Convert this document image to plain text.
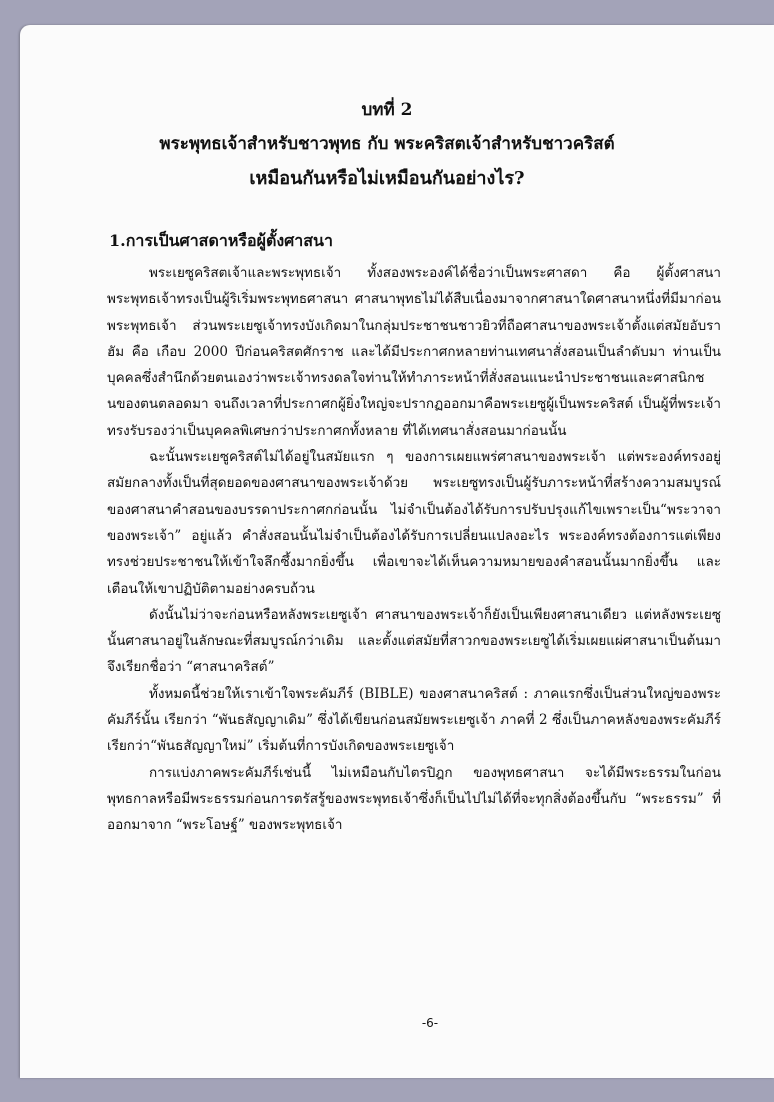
บทที่ 2
พระพุทธเจ้าสำหรับชาวพุทธ กับ พระคริสตเจ้าสำหรับชาวคริสต์
เหมือนกันหรือไม่เหมือนกันอย่างไร?
1.การเป็นศาสดาหรือผู้ตั้งศาสนา

พระเยซูคริสตเจ้าและพระพุทธเจ้า ทั้งสองพระองค์ได้ชื่อว่าเป็นพระศาสดา คือ ผู้ตั้งศาสนา พระพุทธเจ้าทรงเป็นผู้ริเริ่มพระพุทธศาสนา ศาสนาพุทธไม่ได้สืบเนื่องมาจากศาสนาใดศาสนาหนึ่งที่มีมาก่อนพระพุทธเจ้า ส่วนพระเยซูเจ้าทรงบังเกิดมาในกลุ่มประชาชนชาวยิวที่ถือศาสนาของพระเจ้าตั้งแต่สมัยอับราฮัม คือ เกือบ 2000 ปีก่อนคริสตศักราช และได้มีประกาศกหลายท่านเทศนาสั่งสอนเป็นลำดับมา ท่านเป็นบุคคลซึ่งสำนึกด้วยตนเองว่าพระเจ้าทรงดลใจท่านให้ทำภาระหน้าที่สั่งสอนแนะนำประชาชนและศาสนิกชนของตนตลอดมา จนถึงเวลาที่ประกาศกผู้ยิ่งใหญ่จะปรากฏออกมาคือพระเยซูผู้เป็นพระคริสต์ เป็นผู้ที่พระเจ้าทรงรับรองว่าเป็นบุคคลพิเศษกว่าประกาศกทั้งหลาย ที่ได้เทศนาสั่งสอนมาก่อนนั้น

ฉะนั้นพระเยซูคริสต์ไม่ได้อยู่ในสมัยแรก ๆ ของการเผยแพร่ศาสนาของพระเจ้า แต่พระองค์ทรงอยู่สมัยกลางทั้งเป็นที่สุดยอดของศาสนาของพระเจ้าด้วย พระเยซูทรงเป็นผู้รับภาระหน้าที่สร้างความสมบูรณ์ของศาสนาคำสอนของบรรดาประกาศกก่อนนั้น ไม่จำเป็นต้องได้รับการปรับปรุงแก้ไขเพราะเป็น“พระวาจาของพระเจ้า” อยู่แล้ว คำสั่งสอนนั้นไม่จำเป็นต้องได้รับการเปลี่ยนแปลงอะไร พระองค์ทรงต้องการแต่เพียงทรงช่วยประชาชนให้เข้าใจลึกซึ้งมากยิ่งขึ้น เพื่อเขาจะได้เห็นความหมายของคำสอนนั้นมากยิ่งขึ้น และเตือนให้เขาปฏิบัติตามอย่างครบถ้วน

ดังนั้นไม่ว่าจะก่อนหรือหลังพระเยซูเจ้า ศาสนาของพระเจ้าก็ยังเป็นเพียงศาสนาเดียว แต่หลังพระเยซูนั้นศาสนาอยู่ในลักษณะที่สมบูรณ์กว่าเดิม และตั้งแต่สมัยที่สาวกของพระเยซูได้เริ่มเผยแผ่ศาสนาเป็นต้นมาจึงเรียกชื่อว่า “ศาสนาคริสต์”

ทั้งหมดนี้ช่วยให้เราเข้าใจพระคัมภีร์ (BIBLE) ของศาสนาคริสต์ : ภาคแรกซึ่งเป็นส่วนใหญ่ของพระคัมภีร์นั้น เรียกว่า “พันธสัญญาเดิม” ซึ่งได้เขียนก่อนสมัยพระเยซูเจ้า ภาคที่ 2 ซึ่งเป็นภาคหลังของพระคัมภีร์เรียกว่า“พันธสัญญาใหม่” เริ่มต้นที่การบังเกิดของพระเยซูเจ้า

การแบ่งภาคพระคัมภีร์เช่นนี้ ไม่เหมือนกับไตรปิฎก ของพุทธศาสนา จะได้มีพระธรรมในก่อนพุทธกาลหรือมีพระธรรมก่อนการตรัสรู้ของพระพุทธเจ้าซึ่งก็เป็นไปไม่ได้ที่จะทุกสิ่งต้องขึ้นกับ “พระธรรม” ที่ออกมาจาก “พระโอษฐ์” ของพระพุทธเจ้า

-6-
